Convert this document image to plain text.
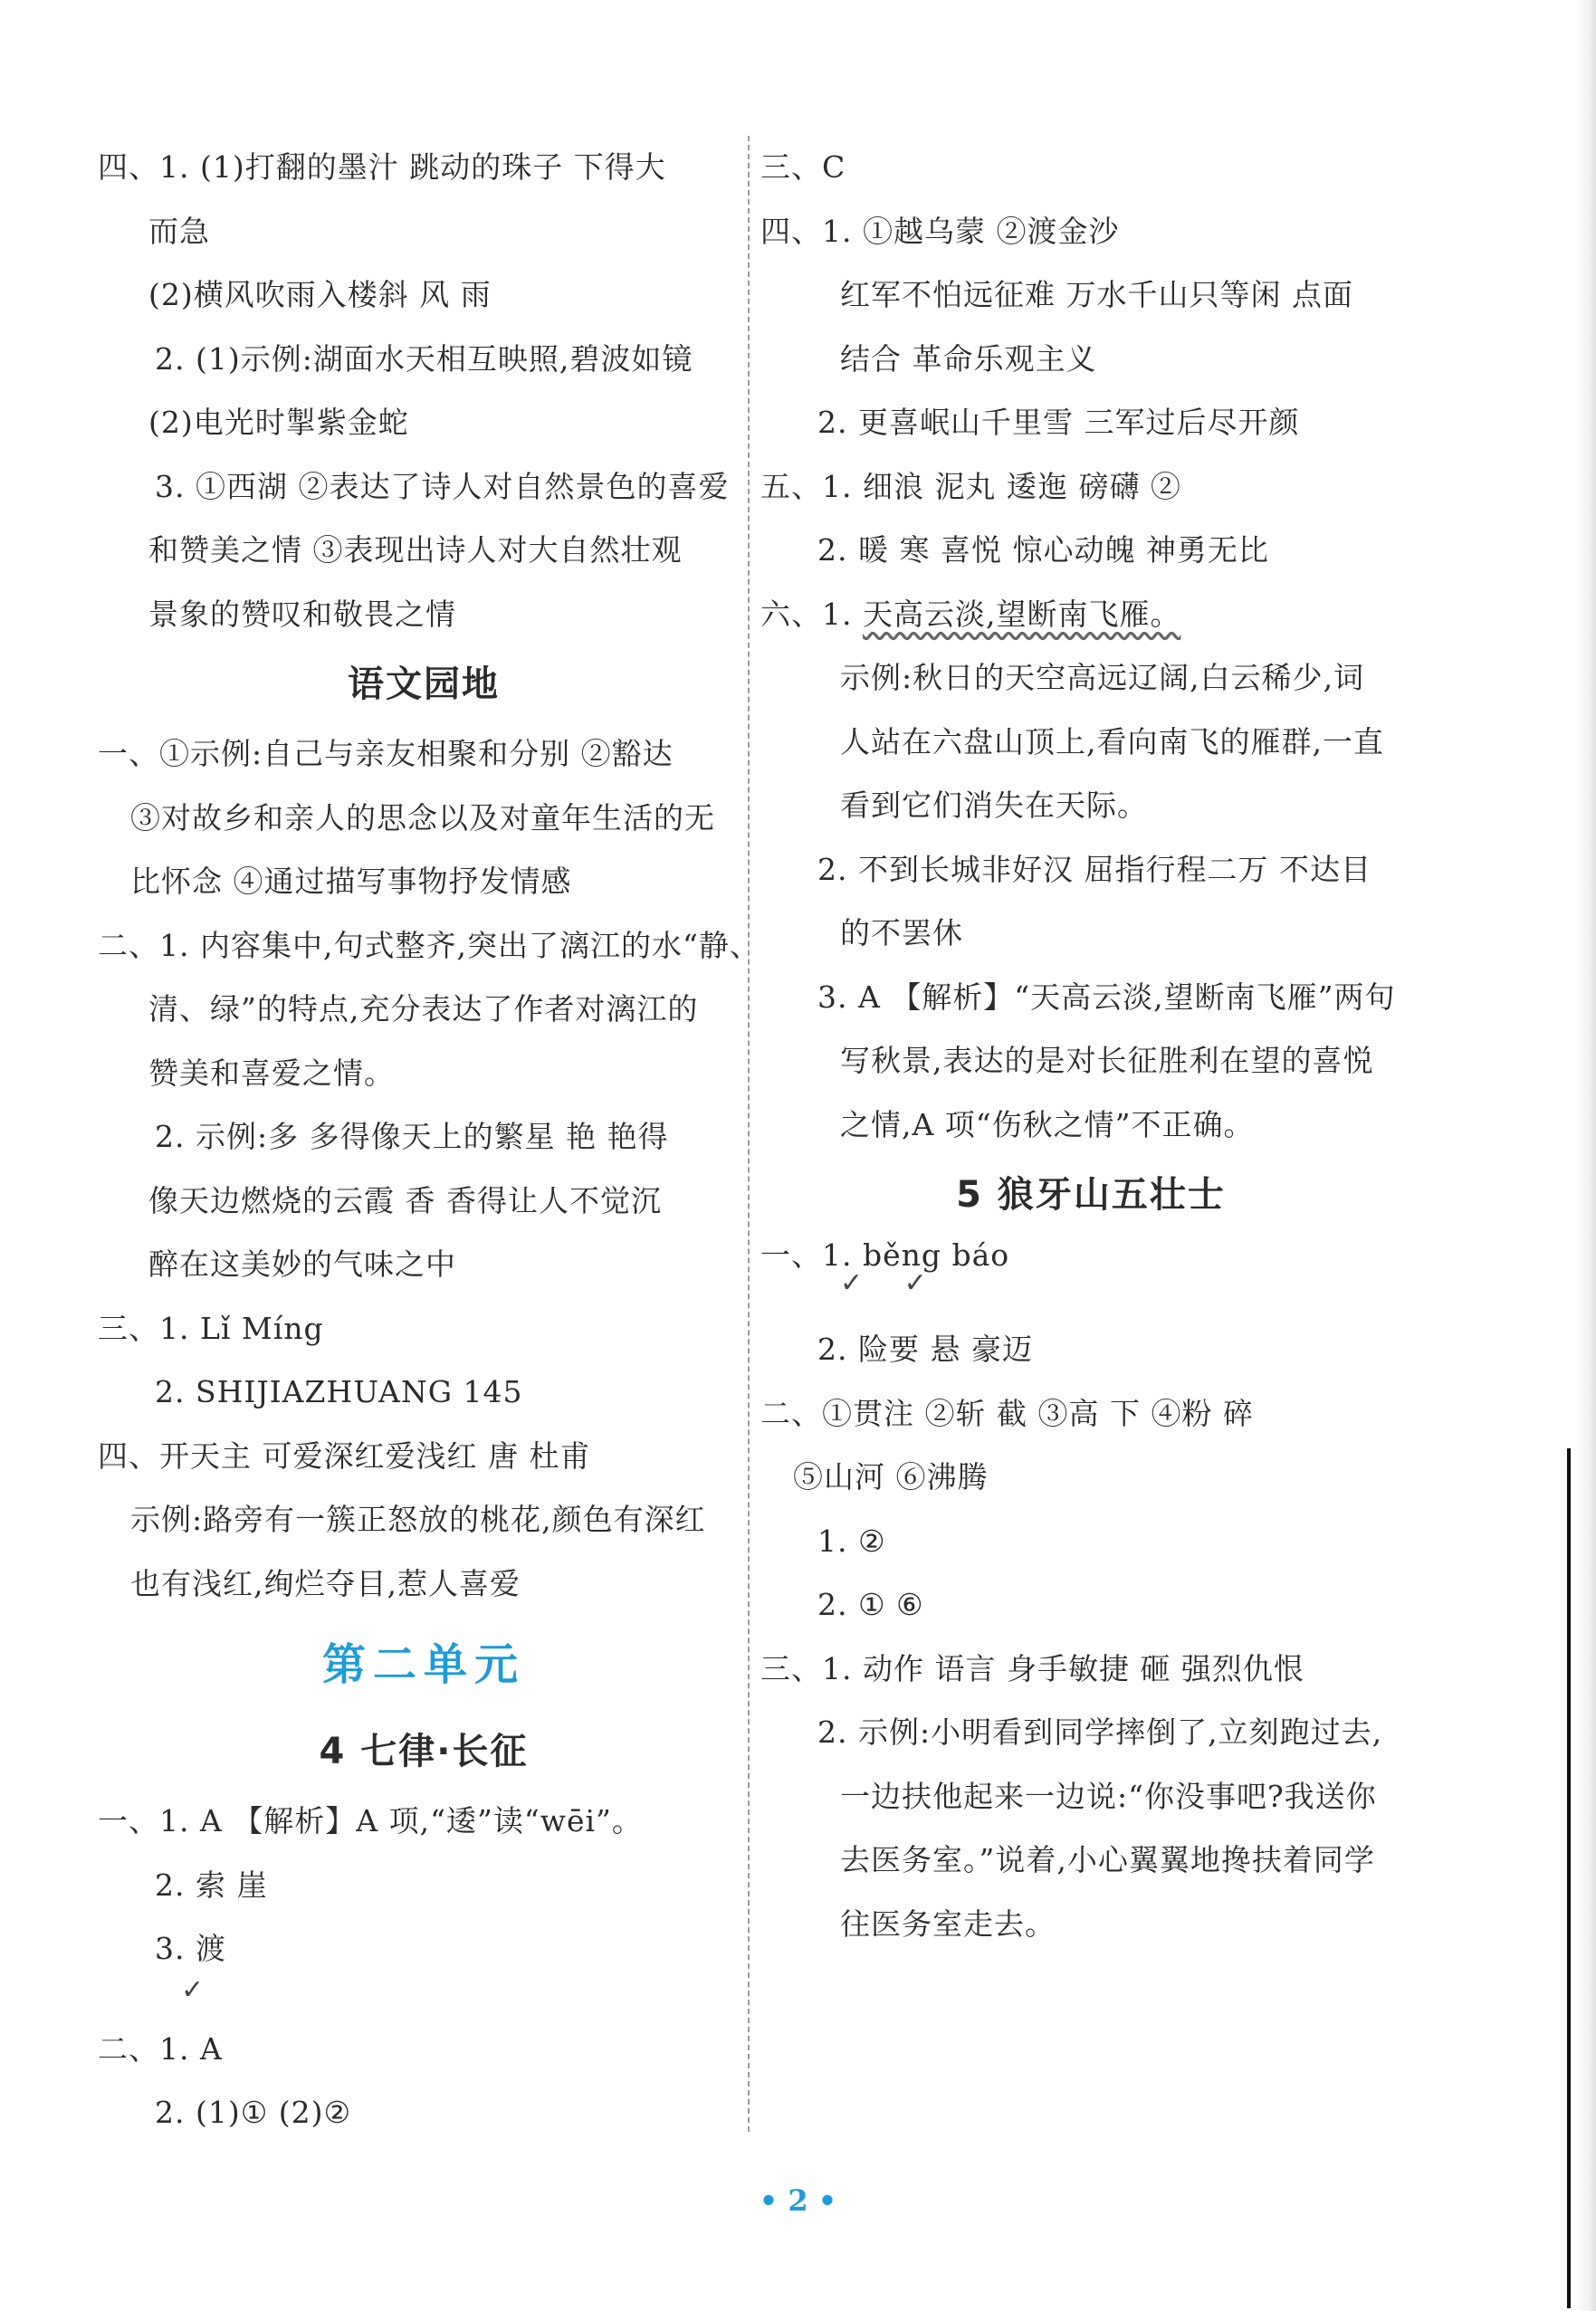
四、1. (1)打翻的墨汁 跳动的珠子 下得大
而急
(2)横风吹雨入楼斜 风 雨
2. (1)示例:湖面水天相互映照,碧波如镜
(2)电光时掣紫金蛇
3. ①西湖 ②表达了诗人对自然景色的喜爱
和赞美之情 ③表现出诗人对大自然壮观
景象的赞叹和敬畏之情
语文园地
一、①示例:自己与亲友相聚和分别 ②豁达
③对故乡和亲人的思念以及对童年生活的无
比怀念 ④通过描写事物抒发情感
二、1. 内容集中,句式整齐,突出了漓江的水“静、
清、绿”的特点,充分表达了作者对漓江的
赞美和喜爱之情。
2. 示例:多 多得像天上的繁星 艳 艳得
像天边燃烧的云霞 香 香得让人不觉沉
醉在这美妙的气味之中
三、1. Lǐ Míng
2. SHIJIAZHUANG 145
四、开天主 可爱深红爱浅红 唐 杜甫
示例:路旁有一簇正怒放的桃花,颜色有深红
也有浅红,绚烂夺目,惹人喜爱
第二单元
4 七律·长征
一、1. A 【解析】A 项,“逶”读“wēi”。
2. 索 崖
3. 渡
✓
二、1. A
2. (1)① (2)②
三、C
四、1. ①越乌蒙 ②渡金沙
红军不怕远征难 万水千山只等闲 点面
结合 革命乐观主义
2. 更喜岷山千里雪 三军过后尽开颜
五、1. 细浪 泥丸 逶迤 磅礴 ②
2. 暖 寒 喜悦 惊心动魄 神勇无比
六、1. 天高云淡,望断南飞雁。
示例:秋日的天空高远辽阔,白云稀少,词
人站在六盘山顶上,看向南飞的雁群,一直
看到它们消失在天际。
2. 不到长城非好汉 屈指行程二万 不达目
的不罢休
3. A 【解析】“天高云淡,望断南飞雁”两句
写秋景,表达的是对长征胜利在望的喜悦
之情,A 项“伤秋之情”不正确。
5 狼牙山五壮士
一、1. běng báo
✓ ✓
2. 险要 悬 豪迈
二、①贯注 ②斩 截 ③高 下 ④粉 碎
⑤山河 ⑥沸腾
1. ②
2. ① ⑥
三、1. 动作 语言 身手敏捷 砸 强烈仇恨
2. 示例:小明看到同学摔倒了,立刻跑过去,
一边扶他起来一边说:“你没事吧?我送你
去医务室。”说着,小心翼翼地搀扶着同学
往医务室走去。
• 2 •
